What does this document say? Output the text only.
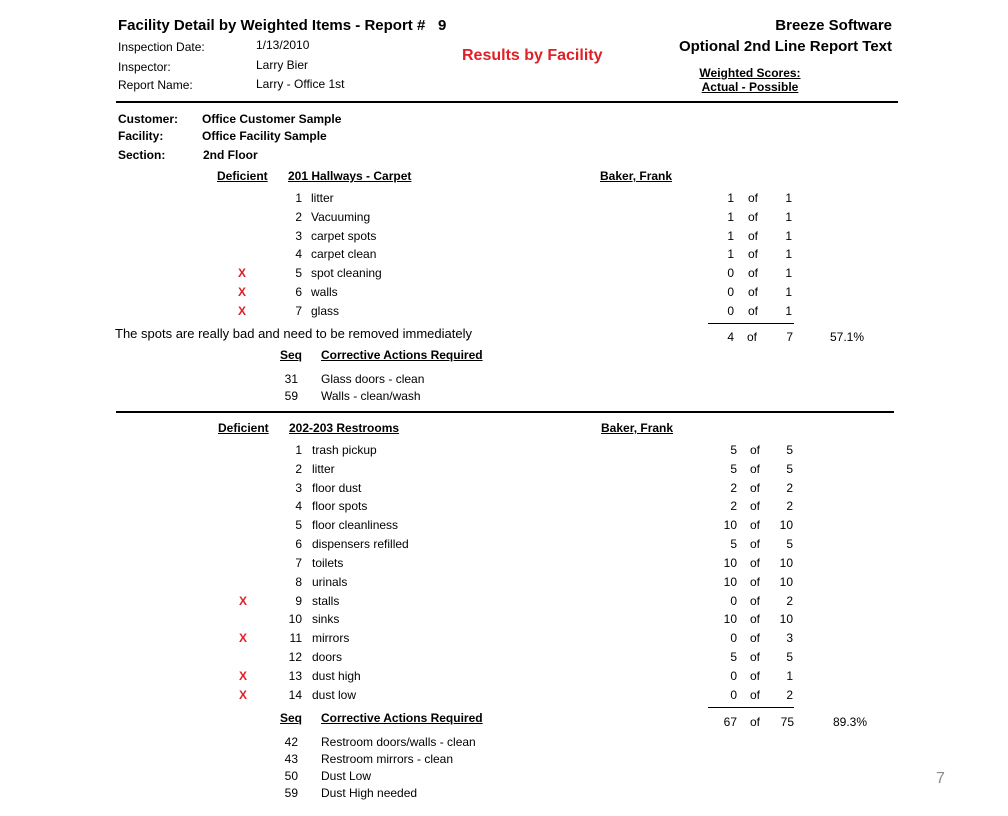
Facility Detail by Weighted Items - Report # 9	Breeze Software
Optional 2nd Line Report Text
Results by Facility
Weighted Scores:
Actual - Possible
Inspection Date:	1/13/2010
Inspector:	Larry Bier
Report Name:	Larry - Office 1st
Customer: Office Customer Sample
Facility:	Office Facility Sample
Section:	2nd Floor
Deficient 201 Hallways - Carpet	Baker, Frank
1 litter	1 of	1
2 Vacuuming	1 of	1
3 carpet spots	1 of	1
4 carpet clean	1 of	1
X	5 spot cleaning	0 of	1
X	6 walls	0 of	1
X	7 glass	0 of	1
The spots are really bad and need to be removed immediately	4 of	7	57.1%
Seq Corrective Actions Required
31 Glass doors - clean
59 Walls - clean/wash
Deficient 202-203 Restrooms	Baker, Frank
1 trash pickup	5 of	5
2 litter	5 of	5
3 floor dust	2 of	2
4 floor spots	2 of	2
5 floor cleanliness	10 of	10
6 dispensers refilled	5 of	5
7 toilets	10 of	10
8 urinals	10 of	10
X	9 stalls	0 of	2
10 sinks	10 of	10
X	11 mirrors	0 of	3
12 doors	5 of	5
X	13 dust high	0 of	1
X	14 dust low	0 of	2
67 of	75	89.3%
Seq Corrective Actions Required
42 Restroom doors/walls - clean
43 Restroom mirrors - clean
50 Dust Low
59 Dust High needed
7
